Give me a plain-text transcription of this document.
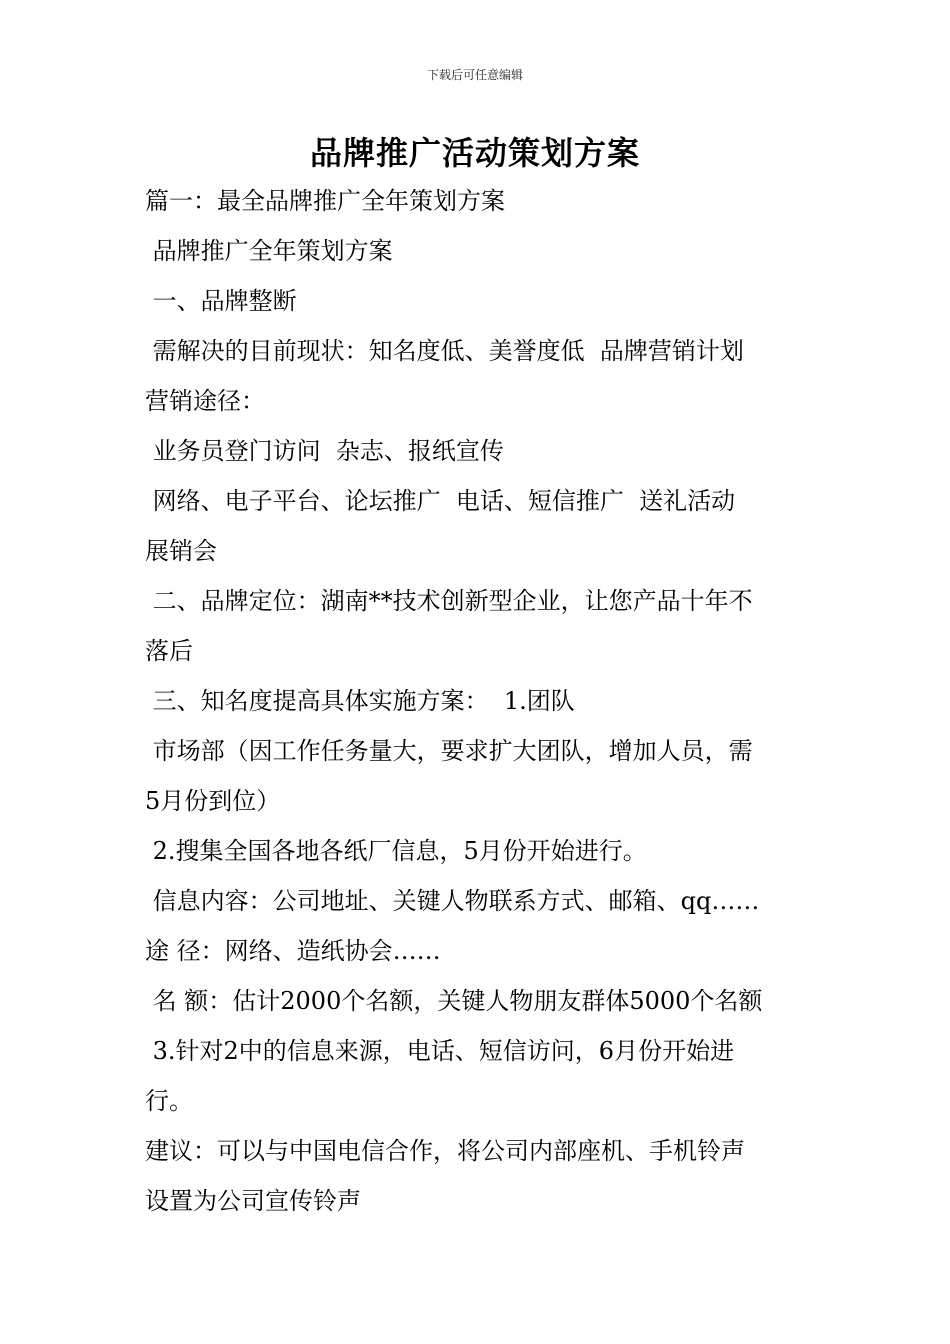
下载后可任意编辑
品牌推广活动策划方案
篇一：最全品牌推广全年策划方案
品牌推广全年策划方案
一、品牌整断
需解决的目前现状：知名度低、美誉度低  品牌营销计划
营销途径：
业务员登门访问  杂志、报纸宣传
网络、电子平台、论坛推广  电话、短信推广  送礼活动
展销会
二、品牌定位：湖南**技术创新型企业，让您产品十年不
落后
三、知名度提高具体实施方案：  1.团队
市场部（因工作任务量大，要求扩大团队，增加人员，需
5月份到位）
2.搜集全国各地各纸厂信息，5月份开始进行。
信息内容：公司地址、关键人物联系方式、邮箱、qq……
途 径：网络、造纸协会……
名 额：估计2000个名额，关键人物朋友群体5000个名额
3.针对2中的信息来源，电话、短信访问，6月份开始进
行。
建议：可以与中国电信合作，将公司内部座机、手机铃声
设置为公司宣传铃声
